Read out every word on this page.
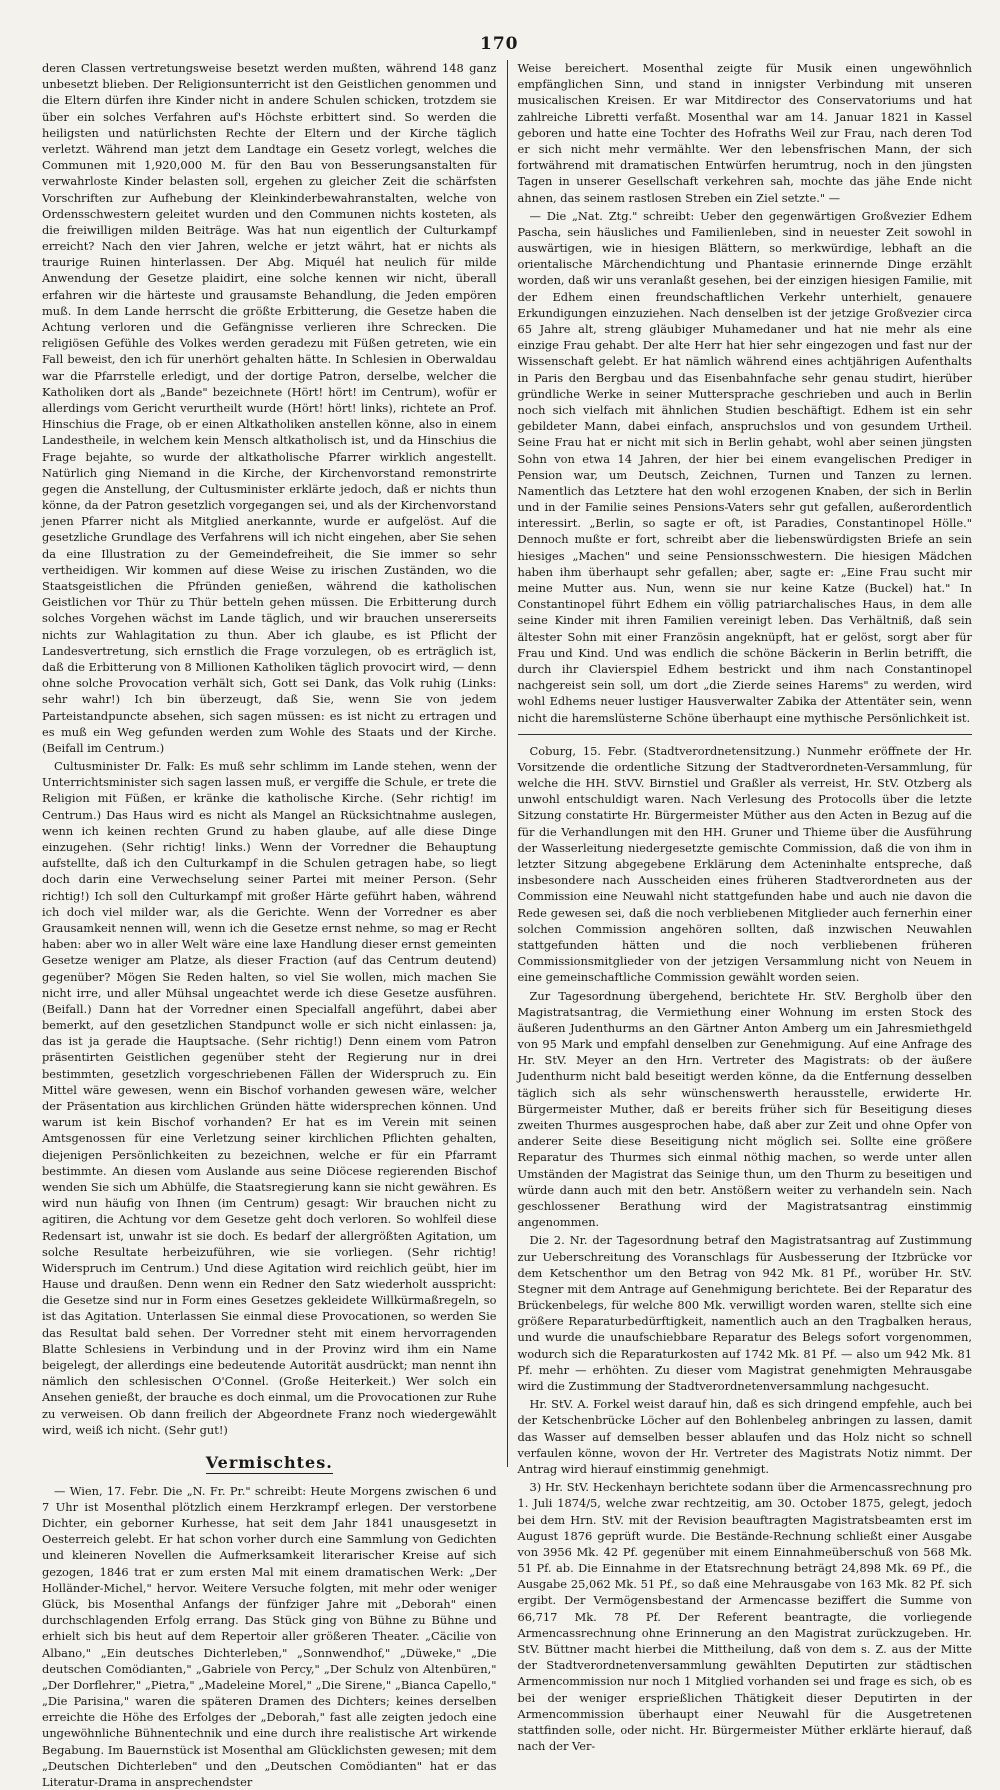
170

deren Classen vertretungsweise besetzt werden mußten, während 148 ganz unbesetzt blieben. Der Religionsunterricht ist den Geistlichen genommen und die Eltern dürfen ihre Kinder nicht in andere Schulen schicken, trotzdem sie über ein solches Verfahren auf's Höchste erbittert sind. So werden die heiligsten und natürlichsten Rechte der Eltern und der Kirche täglich verletzt. Während man jetzt dem Landtage ein Gesetz vorlegt, welches die Communen mit 1,920,000 M. für den Bau von Besserungsanstalten für verwahrloste Kinder belasten soll, ergehen zu gleicher Zeit die schärfsten Vorschriften zur Aufhebung der Kleinkinderbewahranstalten, welche von Ordensschwestern geleitet wurden und den Communen nichts kosteten, als die freiwilligen milden Beiträge. Was hat nun eigentlich der Culturkampf erreicht? Nach den vier Jahren, welche er jetzt währt, hat er nichts als traurige Ruinen hinterlassen. Der Abg. Miquél hat neulich für milde Anwendung der Gesetze plaidirt, eine solche kennen wir nicht, überall erfahren wir die härteste und grausamste Behandlung, die Jeden empören muß. In dem Lande herrscht die größte Erbitterung, die Gesetze haben die Achtung verloren und die Gefängnisse verlieren ihre Schrecken. Die religiösen Gefühle des Volkes werden geradezu mit Füßen getreten, wie ein Fall beweist, den ich für unerhört gehalten hätte. In Schlesien in Oberwaldau war die Pfarrstelle erledigt, und der dortige Patron, derselbe, welcher die Katholiken dort als „Bande" bezeichnete (Hört! hört! im Centrum), wofür er allerdings vom Gericht verurtheilt wurde (Hört! hört! links), richtete an Prof. Hinschius die Frage, ob er einen Altkatholiken anstellen könne, also in einem Landestheile, in welchem kein Mensch altkatholisch ist, und da Hinschius die Frage bejahte, so wurde der altkatholische Pfarrer wirklich angestellt. Natürlich ging Niemand in die Kirche, der Kirchenvorstand remonstrirte gegen die Anstellung, der Cultusminister erklärte jedoch, daß er nichts thun könne, da der Patron gesetzlich vorgegangen sei, und als der Kirchenvorstand jenen Pfarrer nicht als Mitglied anerkannte, wurde er aufgelöst. Auf die gesetzliche Grundlage des Verfahrens will ich nicht eingehen, aber Sie sehen da eine Illustration zu der Gemeindefreiheit, die Sie immer so sehr vertheidigen. Wir kommen auf diese Weise zu irischen Zuständen, wo die Staatsgeistlichen die Pfründen genießen, während die katholischen Geistlichen vor Thür zu Thür betteln gehen müssen. Die Erbitterung durch solches Vorgehen wächst im Lande täglich, und wir brauchen unsererseits nichts zur Wahlagitation zu thun. Aber ich glaube, es ist Pflicht der Landesvertretung, sich ernstlich die Frage vorzulegen, ob es erträglich ist, daß die Erbitterung von 8 Millionen Katholiken täglich provocirt wird, — denn ohne solche Provocation verhält sich, Gott sei Dank, das Volk ruhig (Links: sehr wahr!) Ich bin überzeugt, daß Sie, wenn Sie von jedem Parteistandpuncte absehen, sich sagen müssen: es ist nicht zu ertragen und es muß ein Weg gefunden werden zum Wohle des Staats und der Kirche. (Beifall im Centrum.)

Cultusminister Dr. Falk: Es muß sehr schlimm im Lande stehen, wenn der Unterrichtsminister sich sagen lassen muß, er vergiffe die Schule, er trete die Religion mit Füßen, er kränke die katholische Kirche. (Sehr richtig! im Centrum.) Das Haus wird es nicht als Mangel an Rücksichtnahme auslegen, wenn ich keinen rechten Grund zu haben glaube, auf alle diese Dinge einzugehen. (Sehr richtig! links.) Wenn der Vorredner die Behauptung aufstellte, daß ich den Culturkampf in die Schulen getragen habe, so liegt doch darin eine Verwechselung seiner Partei mit meiner Person. (Sehr richtig!) Ich soll den Culturkampf mit großer Härte geführt haben, während ich doch viel milder war, als die Gerichte. Wenn der Vorredner es aber Grausamkeit nennen will, wenn ich die Gesetze ernst nehme, so mag er Recht haben: aber wo in aller Welt wäre eine laxe Handlung dieser ernst gemeinten Gesetze weniger am Platze, als dieser Fraction (auf das Centrum deutend) gegenüber? Mögen Sie Reden halten, so viel Sie wollen, mich machen Sie nicht irre, und aller Mühsal ungeachtet werde ich diese Gesetze ausführen. (Beifall.) Dann hat der Vorredner einen Specialfall angeführt, dabei aber bemerkt, auf den gesetzlichen Standpunct wolle er sich nicht einlassen: ja, das ist ja gerade die Hauptsache. (Sehr richtig!) Denn einem vom Patron präsentirten Geistlichen gegenüber steht der Regierung nur in drei bestimmten, gesetzlich vorgeschriebenen Fällen der Widerspruch zu. Ein Mittel wäre gewesen, wenn ein Bischof vorhanden gewesen wäre, welcher der Präsentation aus kirchlichen Gründen hätte widersprechen können. Und warum ist kein Bischof vorhanden? Er hat es im Verein mit seinen Amtsgenossen für eine Verletzung seiner kirchlichen Pflichten gehalten, diejenigen Persönlichkeiten zu bezeichnen, welche er für ein Pfarramt bestimmte. An diesen vom Auslande aus seine Diöcese regierenden Bischof wenden Sie sich um Abhülfe, die Staatsregierung kann sie nicht gewähren. Es wird nun häufig von Ihnen (im Centrum) gesagt: Wir brauchen nicht zu agitiren, die Achtung vor dem Gesetze geht doch verloren. So wohlfeil diese Redensart ist, unwahr ist sie doch. Es bedarf der allergrößten Agitation, um solche Resultate herbeizuführen, wie sie vorliegen. (Sehr richtig! Widerspruch im Centrum.) Und diese Agitation wird reichlich geübt, hier im Hause und draußen. Denn wenn ein Redner den Satz wiederholt ausspricht: die Gesetze sind nur in Form eines Gesetzes gekleidete Willkürmaßregeln, so ist das Agitation. Unterlassen Sie einmal diese Provocationen, so werden Sie das Resultat bald sehen. Der Vorredner steht mit einem hervorragenden Blatte Schlesiens in Verbindung und in der Provinz wird ihm ein Name beigelegt, der allerdings eine bedeutende Autorität ausdrückt; man nennt ihn nämlich den schlesischen O'Connel. (Große Heiterkeit.) Wer solch ein Ansehen genießt, der brauche es doch einmal, um die Provocationen zur Ruhe zu verweisen. Ob dann freilich der Abgeordnete Franz noch wiedergewählt wird, weiß ich nicht. (Sehr gut!)

Vermischtes.

— Wien, 17. Febr. Die „N. Fr. Pr." schreibt: Heute Morgens zwischen 6 und 7 Uhr ist Mosenthal plötzlich einem Herzkrampf erlegen. Der verstorbene Dichter, ein geborner Kurhesse, hat seit dem Jahr 1841 unausgesetzt in Oesterreich gelebt. Er hat schon vorher durch eine Sammlung von Gedichten und kleineren Novellen die Aufmerksamkeit literarischer Kreise auf sich gezogen, 1846 trat er zum ersten Mal mit einem dramatischen Werk: „Der Holländer-Michel," hervor. Weitere Versuche folgten, mit mehr oder weniger Glück, bis Mosenthal Anfangs der fünfziger Jahre mit „Deborah" einen durchschlagenden Erfolg errang. Das Stück ging von Bühne zu Bühne und erhielt sich bis heut auf dem Repertoir aller größeren Theater. „Cäcilie von Albano," „Ein deutsches Dichterleben," „Sonnwendhof," „Düweke," „Die deutschen Comödianten," „Gabriele von Percy," „Der Schulz von Altenbüren," „Der Dorflehrer," „Pietra," „Madeleine Morel," „Die Sirene," „Bianca Capello," „Die Parisina," waren die späteren Dramen des Dichters; keines derselben erreichte die Höhe des Erfolges der „Deborah," fast alle zeigten jedoch eine ungewöhnliche Bühnentechnik und eine durch ihre realistische Art wirkende Begabung. Im Bauernstück ist Mosenthal am Glücklichsten gewesen; mit dem „Deutschen Dichterleben" und den „Deutschen Comödianten" hat er das Literatur-Drama in ansprechendster

Weise bereichert. Mosenthal zeigte für Musik einen ungewöhnlich empfänglichen Sinn, und stand in innigster Verbindung mit unseren musicalischen Kreisen. Er war Mitdirector des Conservatoriums und hat zahlreiche Libretti verfaßt. Mosenthal war am 14. Januar 1821 in Kassel geboren und hatte eine Tochter des Hofraths Weil zur Frau, nach deren Tod er sich nicht mehr vermählte. Wer den lebensfrischen Mann, der sich fortwährend mit dramatischen Entwürfen herumtrug, noch in den jüngsten Tagen in unserer Gesellschaft verkehren sah, mochte das jähe Ende nicht ahnen, das seinem rastlosen Streben ein Ziel setzte." —

— Die „Nat. Ztg." schreibt: Ueber den gegenwärtigen Großvezier Edhem Pascha, sein häusliches und Familienleben, sind in neuester Zeit sowohl in auswärtigen, wie in hiesigen Blättern, so merkwürdige, lebhaft an die orientalische Märchendichtung und Phantasie erinnernde Dinge erzählt worden, daß wir uns veranlaßt gesehen, bei der einzigen hiesigen Familie, mit der Edhem einen freundschaftlichen Verkehr unterhielt, genauere Erkundigungen einzuziehen. Nach denselben ist der jetzige Großvezier circa 65 Jahre alt, streng gläubiger Muhamedaner und hat nie mehr als eine einzige Frau gehabt. Der alte Herr hat hier sehr eingezogen und fast nur der Wissenschaft gelebt. Er hat nämlich während eines achtjährigen Aufenthalts in Paris den Bergbau und das Eisenbahnfache sehr genau studirt, hierüber gründliche Werke in seiner Muttersprache geschrieben und auch in Berlin noch sich vielfach mit ähnlichen Studien beschäftigt. Edhem ist ein sehr gebildeter Mann, dabei einfach, anspruchslos und von gesundem Urtheil. Seine Frau hat er nicht mit sich in Berlin gehabt, wohl aber seinen jüngsten Sohn von etwa 14 Jahren, der hier bei einem evangelischen Prediger in Pension war, um Deutsch, Zeichnen, Turnen und Tanzen zu lernen. Namentlich das Letztere hat den wohl erzogenen Knaben, der sich in Berlin und in der Familie seines Pensions-Vaters sehr gut gefallen, außerordentlich interessirt. „Berlin, so sagte er oft, ist Paradies, Constantinopel Hölle." Dennoch mußte er fort, schreibt aber die liebenswürdigsten Briefe an sein hiesiges „Machen" und seine Pensionsschwestern. Die hiesigen Mädchen haben ihm überhaupt sehr gefallen; aber, sagte er: „Eine Frau sucht mir meine Mutter aus. Nun, wenn sie nur keine Katze (Buckel) hat." In Constantinopel führt Edhem ein völlig patriarchalisches Haus, in dem alle seine Kinder mit ihren Familien vereinigt leben. Das Verhältniß, daß sein ältester Sohn mit einer Französin angeknüpft, hat er gelöst, sorgt aber für Frau und Kind. Und was endlich die schöne Bäckerin in Berlin betrifft, die durch ihr Clavierspiel Edhem bestrickt und ihm nach Constantinopel nachgereist sein soll, um dort „die Zierde seines Harems" zu werden, wird wohl Edhems neuer lustiger Hausverwalter Zabika der Attentäter sein, wenn nicht die haremslüsterne Schöne überhaupt eine mythische Persönlichkeit ist.

Coburg, 15. Febr. (Stadtverordnetensitzung.) Nunmehr eröffnete der Hr. Vorsitzende die ordentliche Sitzung der Stadtverordneten-Versammlung, für welche die HH. StVV. Birnstiel und Graßler als verreist, Hr. StV. Otzberg als unwohl entschuldigt waren. Nach Verlesung des Protocolls über die letzte Sitzung constatirte Hr. Bürgermeister Müther aus den Acten in Bezug auf die für die Verhandlungen mit den HH. Gruner und Thieme über die Ausführung der Wasserleitung niedergesetzte gemischte Commission, daß die von ihm in letzter Sitzung abgegebene Erklärung dem Acteninhalte entspreche, daß insbesondere nach Ausscheiden eines früheren Stadtverordneten aus der Commission eine Neuwahl nicht stattgefunden habe und auch nie davon die Rede gewesen sei, daß die noch verbliebenen Mitglieder auch fernerhin einer solchen Commission angehören sollten, daß inzwischen Neuwahlen stattgefunden hätten und die noch verbliebenen früheren Commissionsmitglieder von der jetzigen Versammlung nicht von Neuem in eine gemeinschaftliche Commission gewählt worden seien.

Zur Tagesordnung übergehend, berichtete Hr. StV. Bergholb über den Magistratsantrag, die Vermiethung einer Wohnung im ersten Stock des äußeren Judenthurms an den Gärtner Anton Amberg um ein Jahresmiethgeld von 95 Mark und empfahl denselben zur Genehmigung. Auf eine Anfrage des Hr. StV. Meyer an den Hrn. Vertreter des Magistrats: ob der äußere Judenthurm nicht bald beseitigt werden könne, da die Entfernung desselben täglich sich als sehr wünschenswerth herausstelle, erwiderte Hr. Bürgermeister Muther, daß er bereits früher sich für Beseitigung dieses zweiten Thurmes ausgesprochen habe, daß aber zur Zeit und ohne Opfer von anderer Seite diese Beseitigung nicht möglich sei. Sollte eine größere Reparatur des Thurmes sich einmal nöthig machen, so werde unter allen Umständen der Magistrat das Seinige thun, um den Thurm zu beseitigen und würde dann auch mit den betr. Anstößern weiter zu verhandeln sein. Nach geschlossener Berathung wird der Magistratsantrag einstimmig angenommen.

Die 2. Nr. der Tagesordnung betraf den Magistratsantrag auf Zustimmung zur Ueberschreitung des Voranschlags für Ausbesserung der Itzbrücke vor dem Ketschenthor um den Betrag von 942 Mk. 81 Pf., worüber Hr. StV. Stegner mit dem Antrage auf Genehmigung berichtete. Bei der Reparatur des Brückenbelegs, für welche 800 Mk. verwilligt worden waren, stellte sich eine größere Reparaturbedürftigkeit, namentlich auch an den Tragbalken heraus, und wurde die unaufschiebbare Reparatur des Belegs sofort vorgenommen, wodurch sich die Reparaturkosten auf 1742 Mk. 81 Pf. — also um 942 Mk. 81 Pf. mehr — erhöhten. Zu dieser vom Magistrat genehmigten Mehrausgabe wird die Zustimmung der Stadtverordnetenversammlung nachgesucht.

Hr. StV. A. Forkel weist darauf hin, daß es sich dringend empfehle, auch bei der Ketschenbrücke Löcher auf den Bohlenbeleg anbringen zu lassen, damit das Wasser auf demselben besser ablaufen und das Holz nicht so schnell verfaulen könne, wovon der Hr. Vertreter des Magistrats Notiz nimmt. Der Antrag wird hierauf einstimmig genehmigt.

3) Hr. StV. Heckenhayn berichtete sodann über die Armencassrechnung pro 1. Juli 1874/5, welche zwar rechtzeitig, am 30. October 1875, gelegt, jedoch bei dem Hrn. StV. mit der Revision beauftragten Magistratsbeamten erst im August 1876 geprüft wurde. Die Bestände-Rechnung schließt einer Ausgabe von 3956 Mk. 42 Pf. gegenüber mit einem Einnahmeüberschuß von 568 Mk. 51 Pf. ab. Die Einnahme in der Etatsrechnung beträgt 24,898 Mk. 69 Pf., die Ausgabe 25,062 Mk. 51 Pf., so daß eine Mehrausgabe von 163 Mk. 82 Pf. sich ergibt. Der Vermögensbestand der Armencasse beziffert die Summe von 66,717 Mk. 78 Pf. Der Referent beantragte, die vorliegende Armencassrechnung ohne Erinnerung an den Magistrat zurückzugeben. Hr. StV. Büttner macht hierbei die Mittheilung, daß von dem s. Z. aus der Mitte der Stadtverordnetenversammlung gewählten Deputirten zur städtischen Armencommission nur noch 1 Mitglied vorhanden sei und frage es sich, ob es bei der weniger ersprießlichen Thätigkeit dieser Deputirten in der Armencommission überhaupt einer Neuwahl für die Ausgetretenen stattfinden solle, oder nicht. Hr. Bürgermeister Müther erklärte hierauf, daß nach der Ver-
